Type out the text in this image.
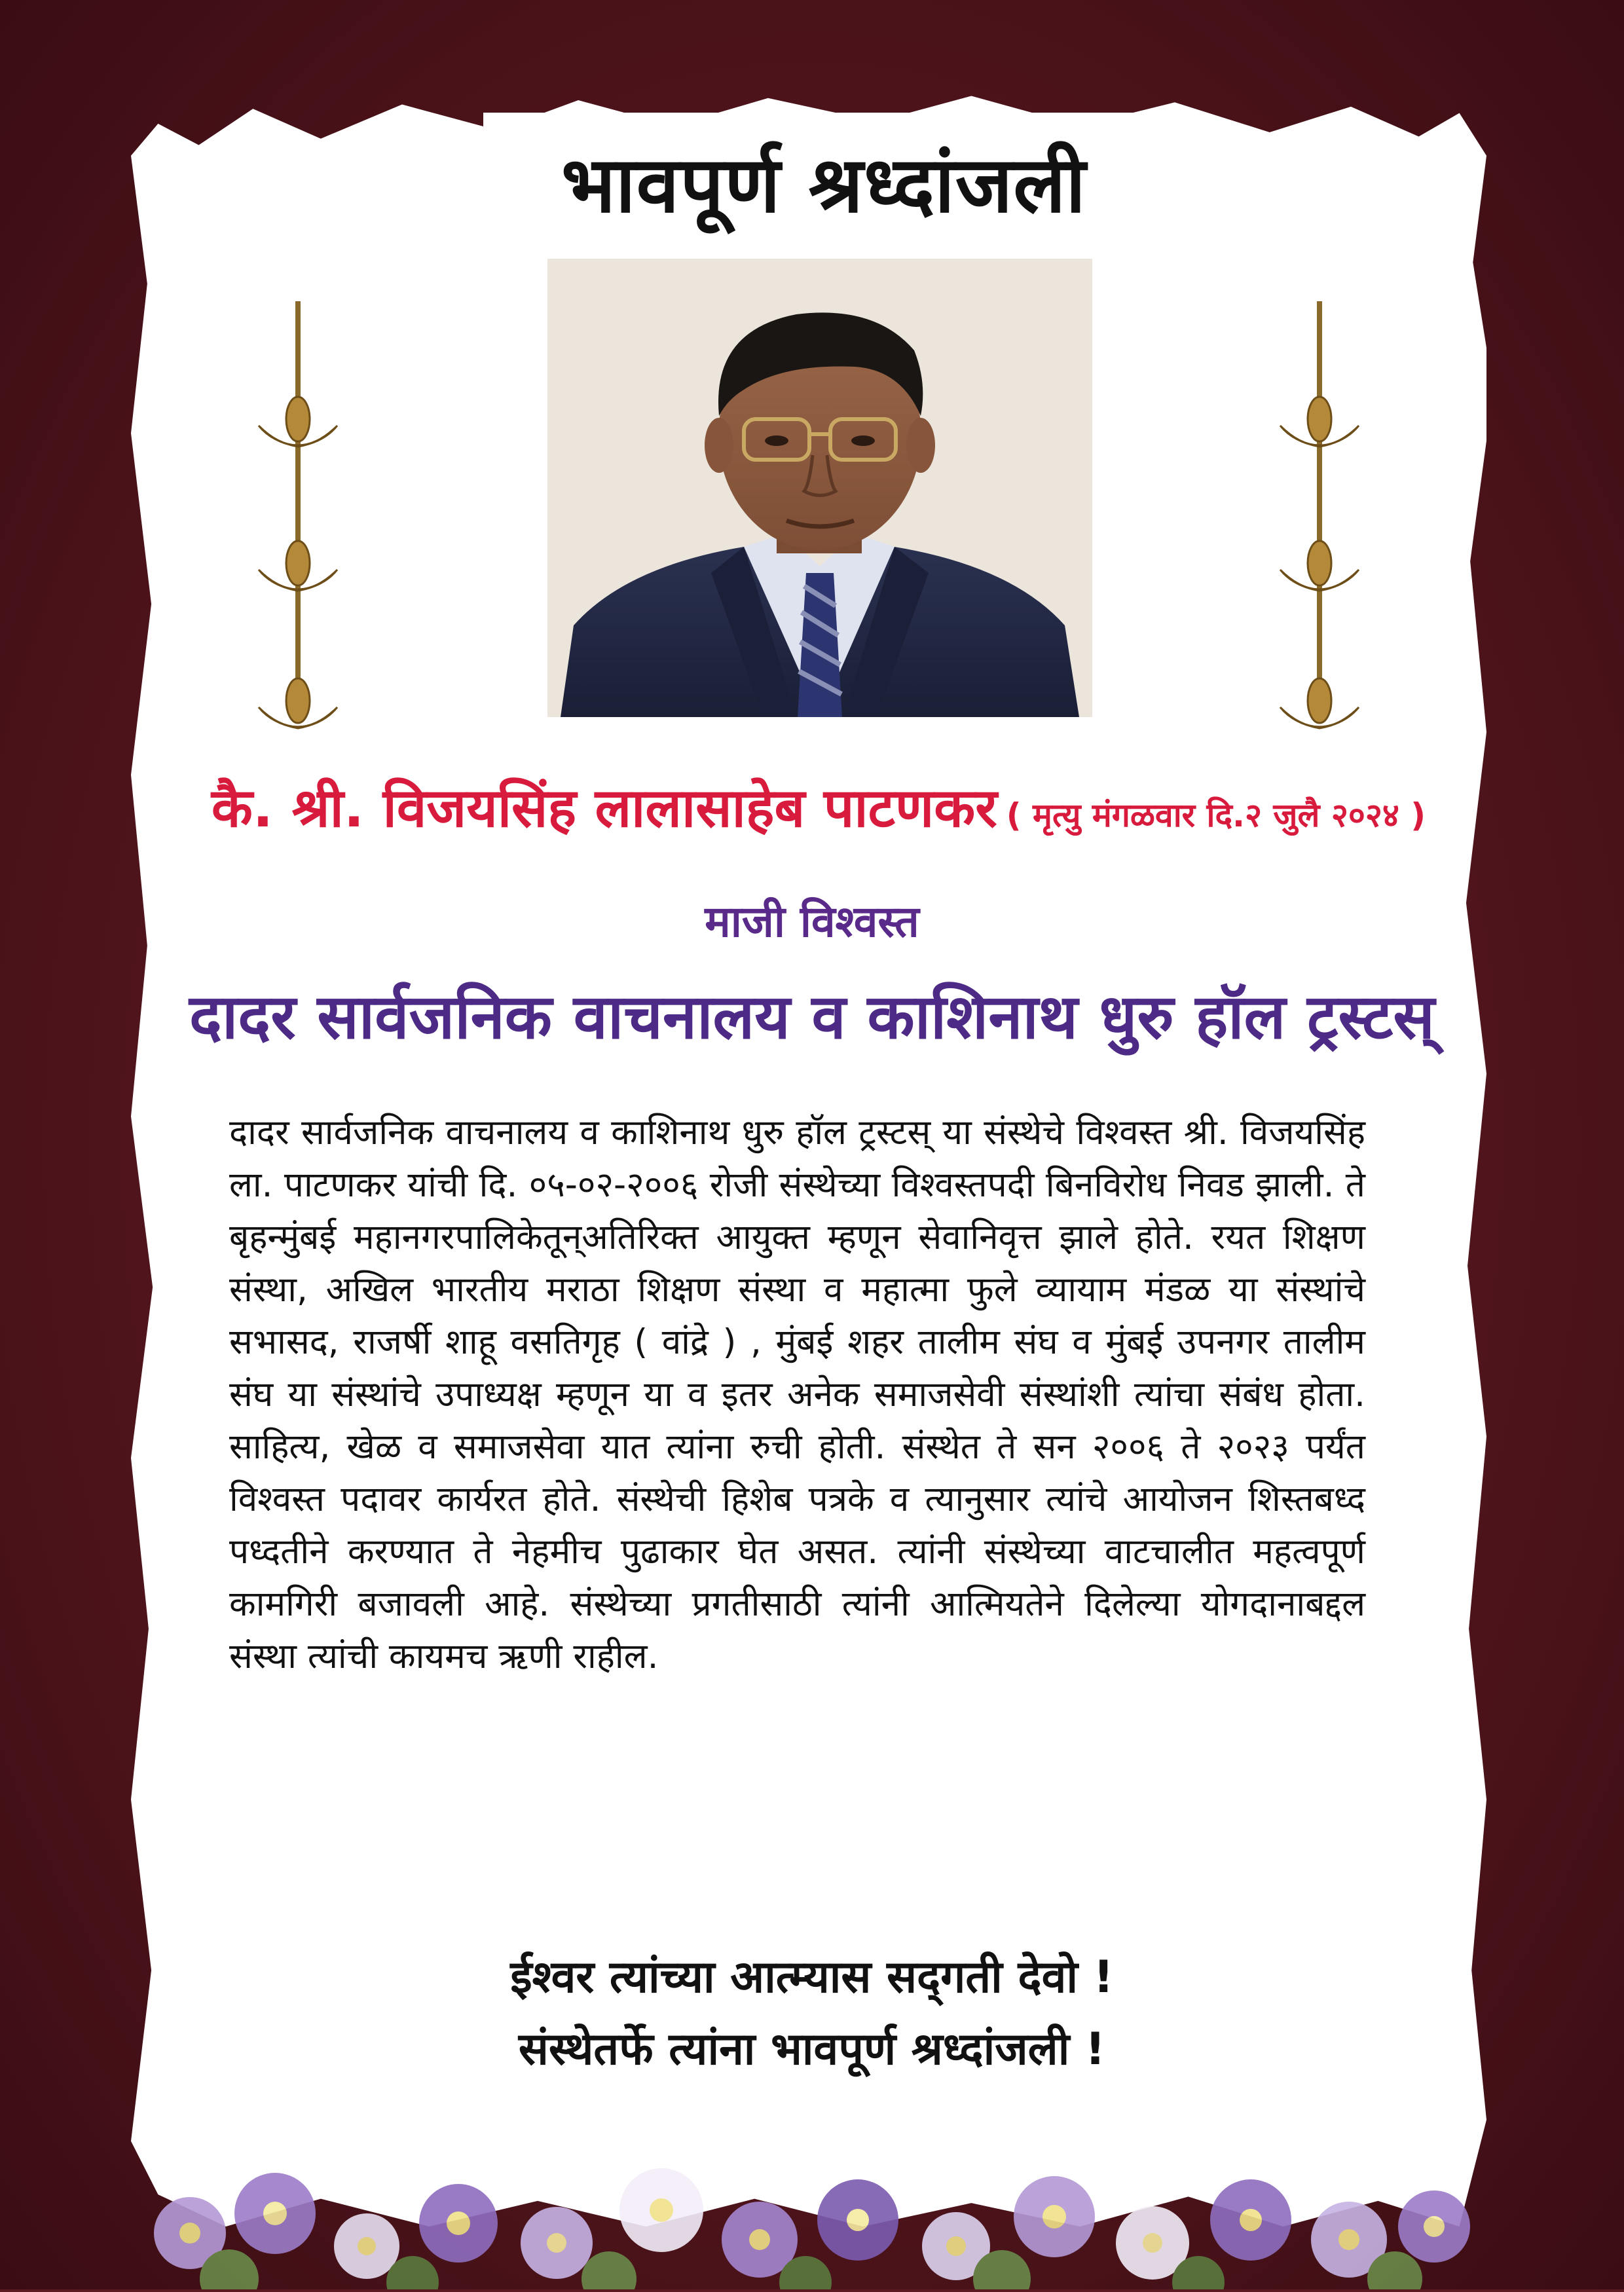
भावपूर्ण श्रध्दांजली
कै. श्री. विजयसिंह लालासाहेब पाटणकर ( मृत्यु मंगळवार दि.२ जुलै २०२४ )
माजी विश्वस्त
दादर सार्वजनिक वाचनालय व काशिनाथ धुरु हॉल ट्रस्टस्

दादर सार्वजनिक वाचनालय व काशिनाथ धुरु हॉल ट्रस्टस् या संस्थेचे विश्वस्त श्री. विजयसिंह ला. पाटणकर यांची दि. ०५-०२-२००६ रोजी संस्थेच्या विश्वस्तपदी बिनविरोध निवड झाली. ते बृहन्मुंबई महानगरपालिकेतून्अतिरिक्त आयुक्त म्हणून सेवानिवृत्त झाले होते. रयत शिक्षण संस्था, अखिल भारतीय मराठा शिक्षण संस्था व महात्मा फुले व्यायाम मंडळ या संस्थांचे सभासद, राजर्षी शाहू वसतिगृह ( वांद्रे ) , मुंबई शहर तालीम संघ व मुंबई उपनगर तालीम संघ या संस्थांचे उपाध्यक्ष म्हणून या व इतर अनेक समाजसेवी संस्थांशी त्यांचा संबंध होता. साहित्य, खेळ व समाजसेवा यात त्यांना रुची होती. संस्थेत ते सन २००६ ते २०२३ पर्यंत विश्वस्त पदावर कार्यरत होते. संस्थेची हिशेब पत्रके व त्यानुसार त्यांचे आयोजन शिस्तबध्द पध्दतीने करण्यात ते नेहमीच पुढाकार घेत असत. त्यांनी संस्थेच्या वाटचालीत महत्वपूर्ण कामगिरी बजावली आहे. संस्थेच्या प्रगतीसाठी त्यांनी आत्मियतेने दिलेल्या योगदानाबद्दल संस्था त्यांची कायमच ऋणी राहील.

ईश्वर त्यांच्या आत्म्यास सद्‌गती देवो !
संस्थेतर्फे त्यांना भावपूर्ण श्रध्दांजली !
